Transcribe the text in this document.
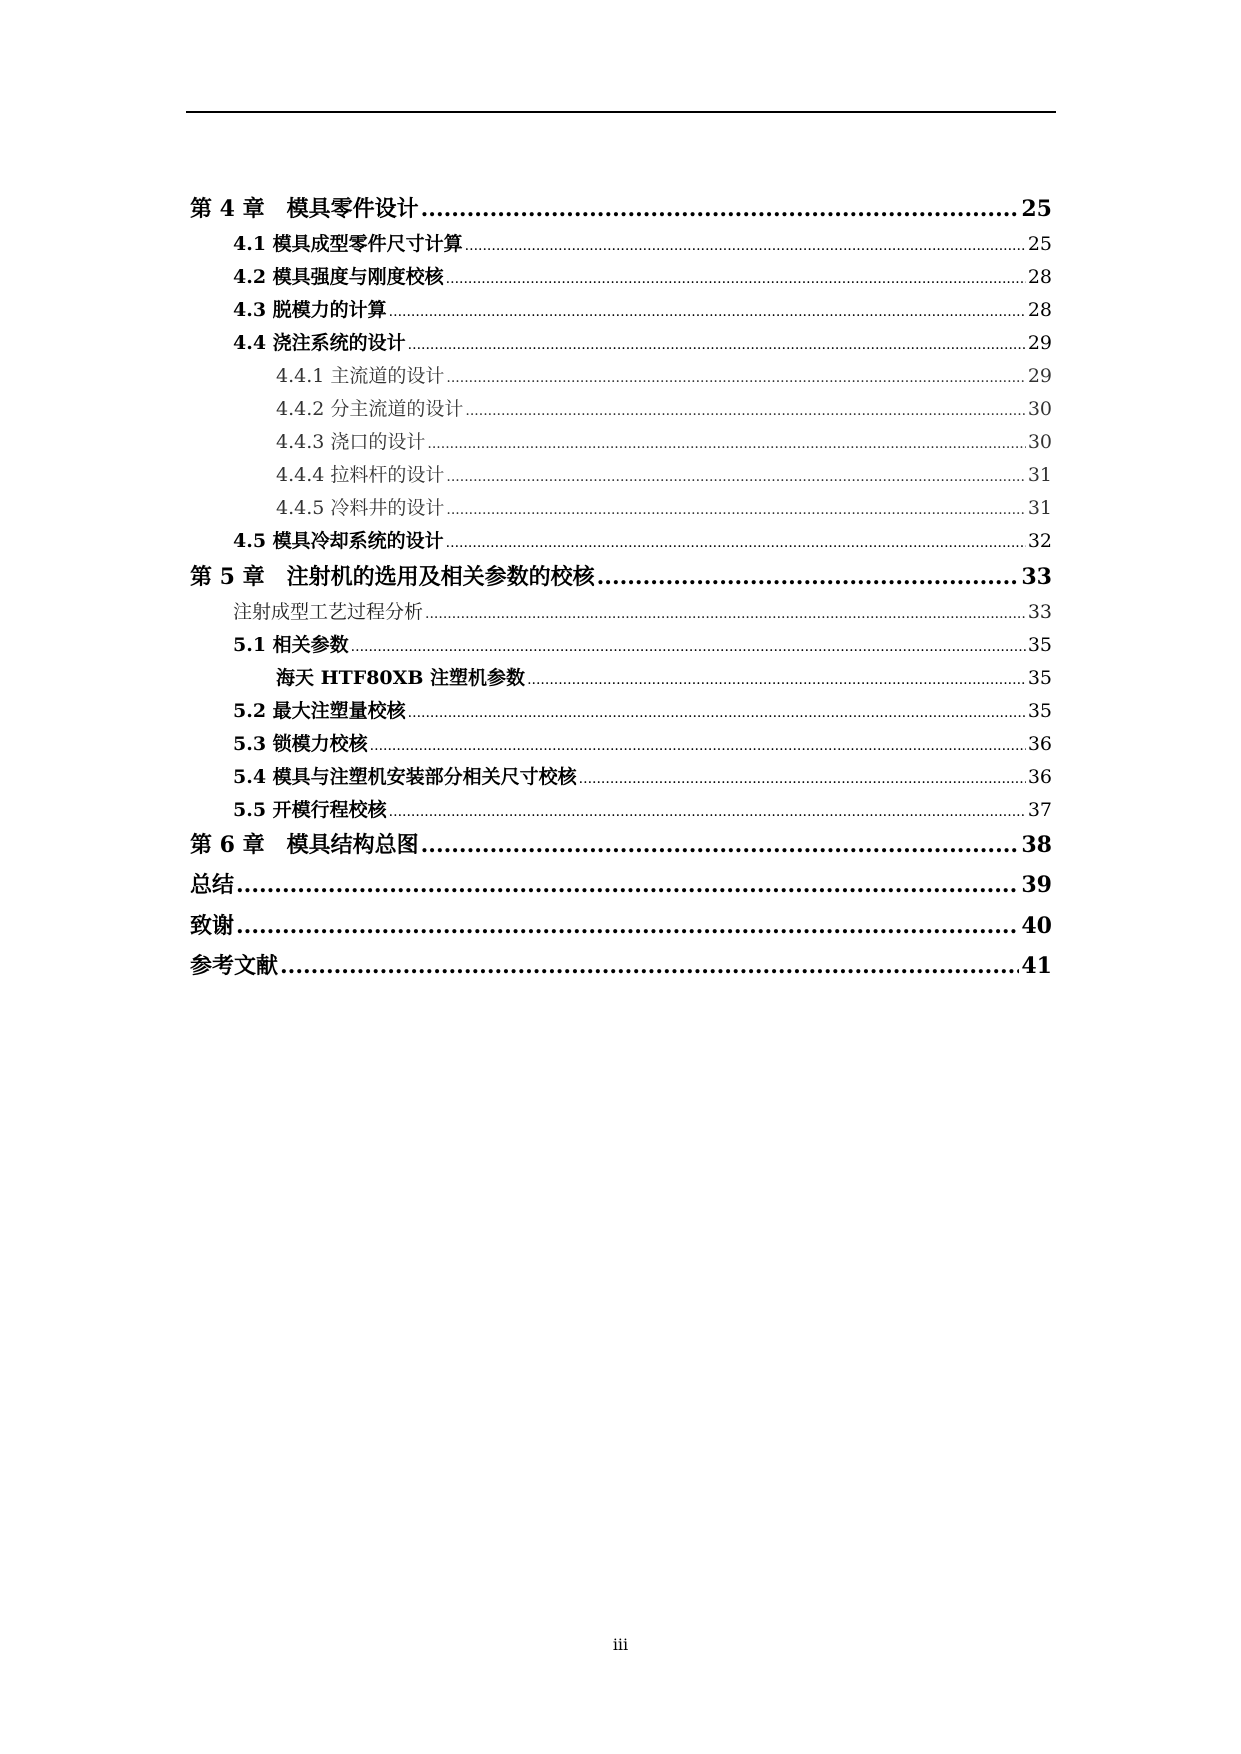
第 4 章　模具零件设计 .....	25
4.1 模具成型零件尺寸计算 .....	25
4.2 模具强度与刚度校核 .....	28
4.3 脱模力的计算 .....	28
4.4 浇注系统的设计 .....	29
4.4.1 主流道的设计 .....	29
4.4.2 分主流道的设计 .....	30
4.4.3 浇口的设计 .....	30
4.4.4 拉料杆的设计 .....	31
4.4.5 冷料井的设计 .....	31
4.5 模具冷却系统的设计 .....	32
第 5 章　注射机的选用及相关参数的校核 .....	33
注射成型工艺过程分析 .....	33
5.1 相关参数 .....	35
海天 HTF80XB 注塑机参数 .....	35
5.2 最大注塑量校核 .....	35
5.3 锁模力校核 .....	36
5.4 模具与注塑机安装部分相关尺寸校核 .....	36
5.5 开模行程校核 .....	37
第 6 章　模具结构总图 .....	38
总结 .....	39
致谢 .....	40
参考文献 .....	41
iii
